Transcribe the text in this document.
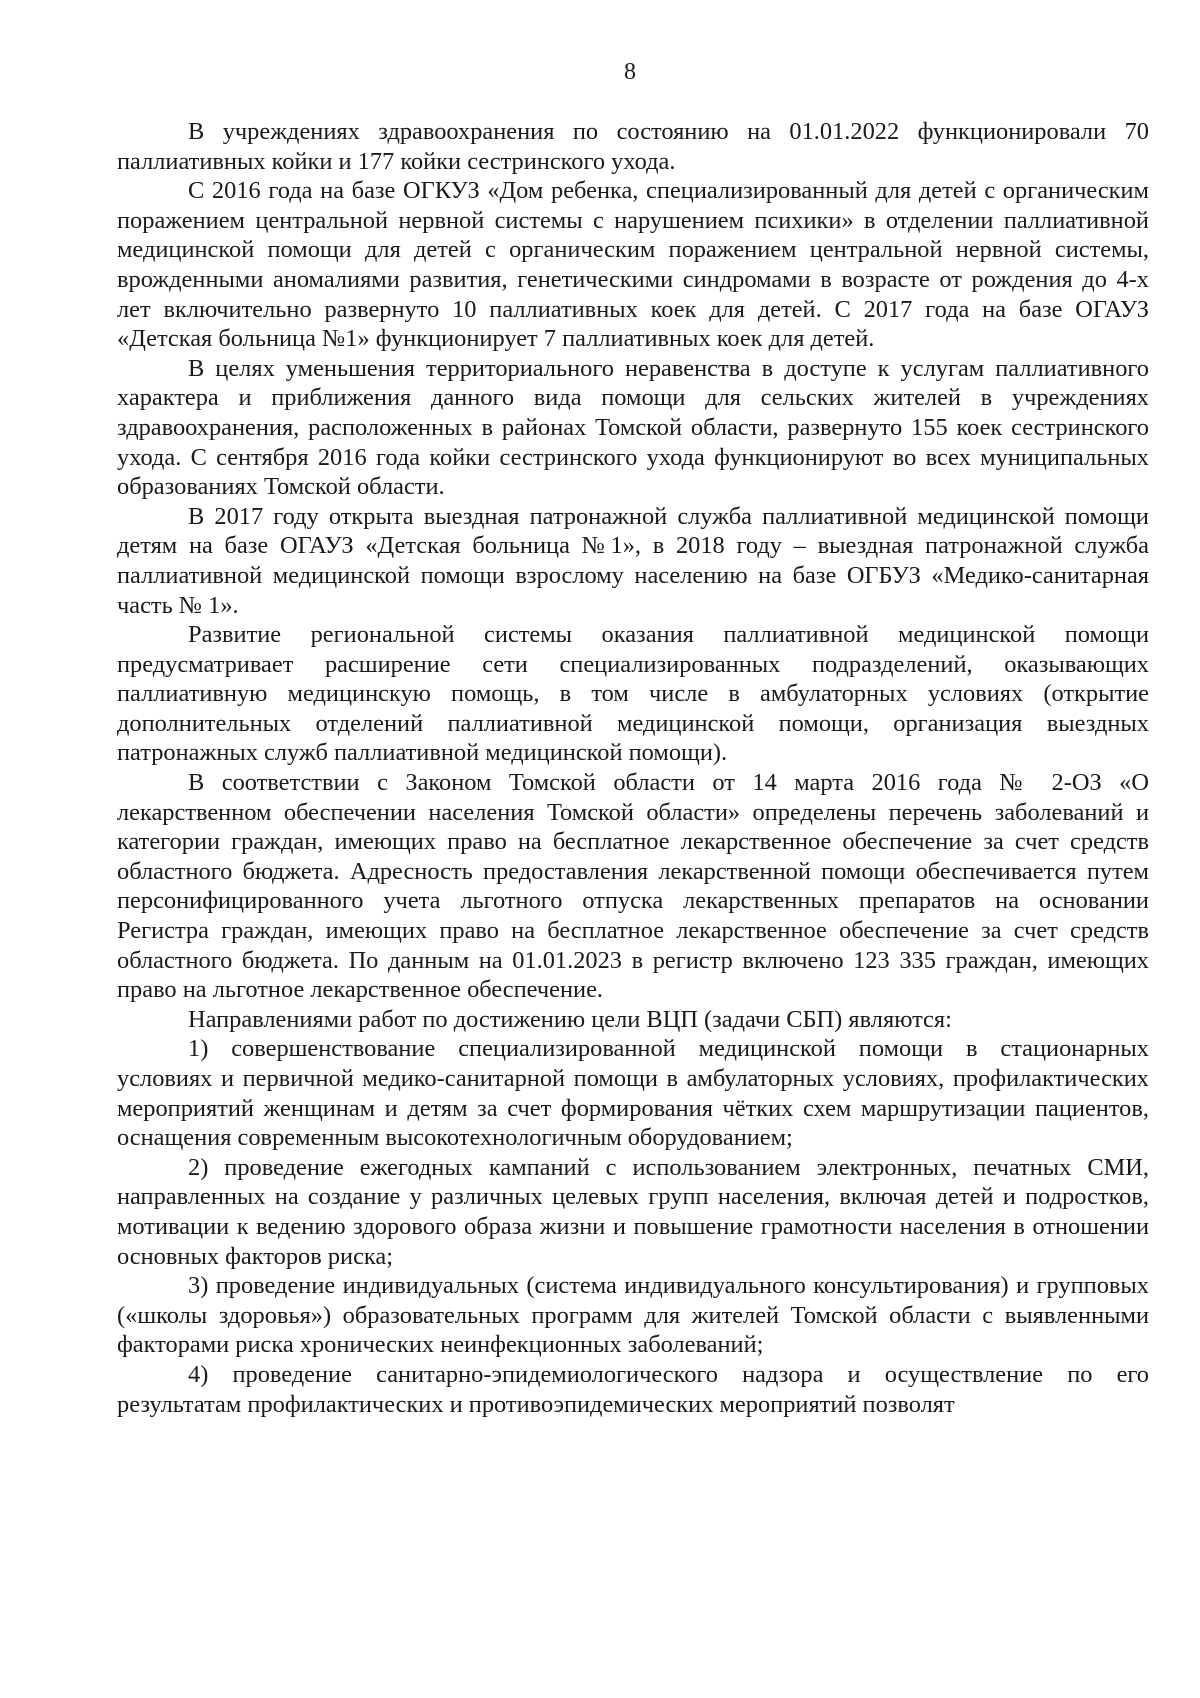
8

В учреждениях здравоохранения по состоянию на 01.01.2022 функционировали 70 паллиативных койки и 177 койки сестринского ухода.

С 2016 года на базе ОГКУЗ «Дом ребенка, специализированный для детей с органическим поражением центральной нервной системы с нарушением психики» в отделении паллиативной медицинской помощи для детей с органическим поражением центральной нервной системы, врожденными аномалиями развития, генетическими синдромами в возрасте от рождения до 4-х лет включительно развернуто 10 паллиативных коек для детей. С 2017 года на базе ОГАУЗ «Детская больница №1» функционирует 7 паллиативных коек для детей.

В целях уменьшения территориального неравенства в доступе к услугам паллиативного характера и приближения данного вида помощи для сельских жителей в учреждениях здравоохранения, расположенных в районах Томской области, развернуто 155 коек сестринского ухода. С сентября 2016 года койки сестринского ухода функционируют во всех муниципальных образованиях Томской области.

В 2017 году открыта выездная патронажной служба паллиативной медицинской помощи детям на базе ОГАУЗ «Детская больница №1», в 2018 году – выездная патронажной служба паллиативной медицинской помощи взрослому населению на базе ОГБУЗ «Медико-санитарная часть № 1».

Развитие региональной системы оказания паллиативной медицинской помощи предусматривает расширение сети специализированных подразделений, оказывающих паллиативную медицинскую помощь, в том числе в амбулаторных условиях (открытие дополнительных отделений паллиативной медицинской помощи, организация выездных патронажных служб паллиативной медицинской помощи).

В соответствии с Законом Томской области от 14 марта 2016 года № 2-ОЗ «О лекарственном обеспечении населения Томской области» определены перечень заболеваний и категории граждан, имеющих право на бесплатное лекарственное обеспечение за счет средств областного бюджета. Адресность предоставления лекарственной помощи обеспечивается путем персонифицированного учета льготного отпуска лекарственных препаратов на основании Регистра граждан, имеющих право на бесплатное лекарственное обеспечение за счет средств областного бюджета. По данным на 01.01.2023 в регистр включено 123 335 граждан, имеющих право на льготное лекарственное обеспечение.

Направлениями работ по достижению цели ВЦП (задачи СБП) являются:

1) совершенствование специализированной медицинской помощи в стационарных условиях и первичной медико-санитарной помощи в амбулаторных условиях, профилактических мероприятий женщинам и детям за счет формирования чётких схем маршрутизации пациентов, оснащения современным высокотехнологичным оборудованием;

2) проведение ежегодных кампаний с использованием электронных, печатных СМИ, направленных на создание у различных целевых групп населения, включая детей и подростков, мотивации к ведению здорового образа жизни и повышение грамотности населения в отношении основных факторов риска;

3) проведение индивидуальных (система индивидуального консультирования) и групповых («школы здоровья») образовательных программ для жителей Томской области с выявленными факторами риска хронических неинфекционных заболеваний;

4) проведение санитарно-эпидемиологического надзора и осуществление по его результатам профилактических и противоэпидемических мероприятий позволят
